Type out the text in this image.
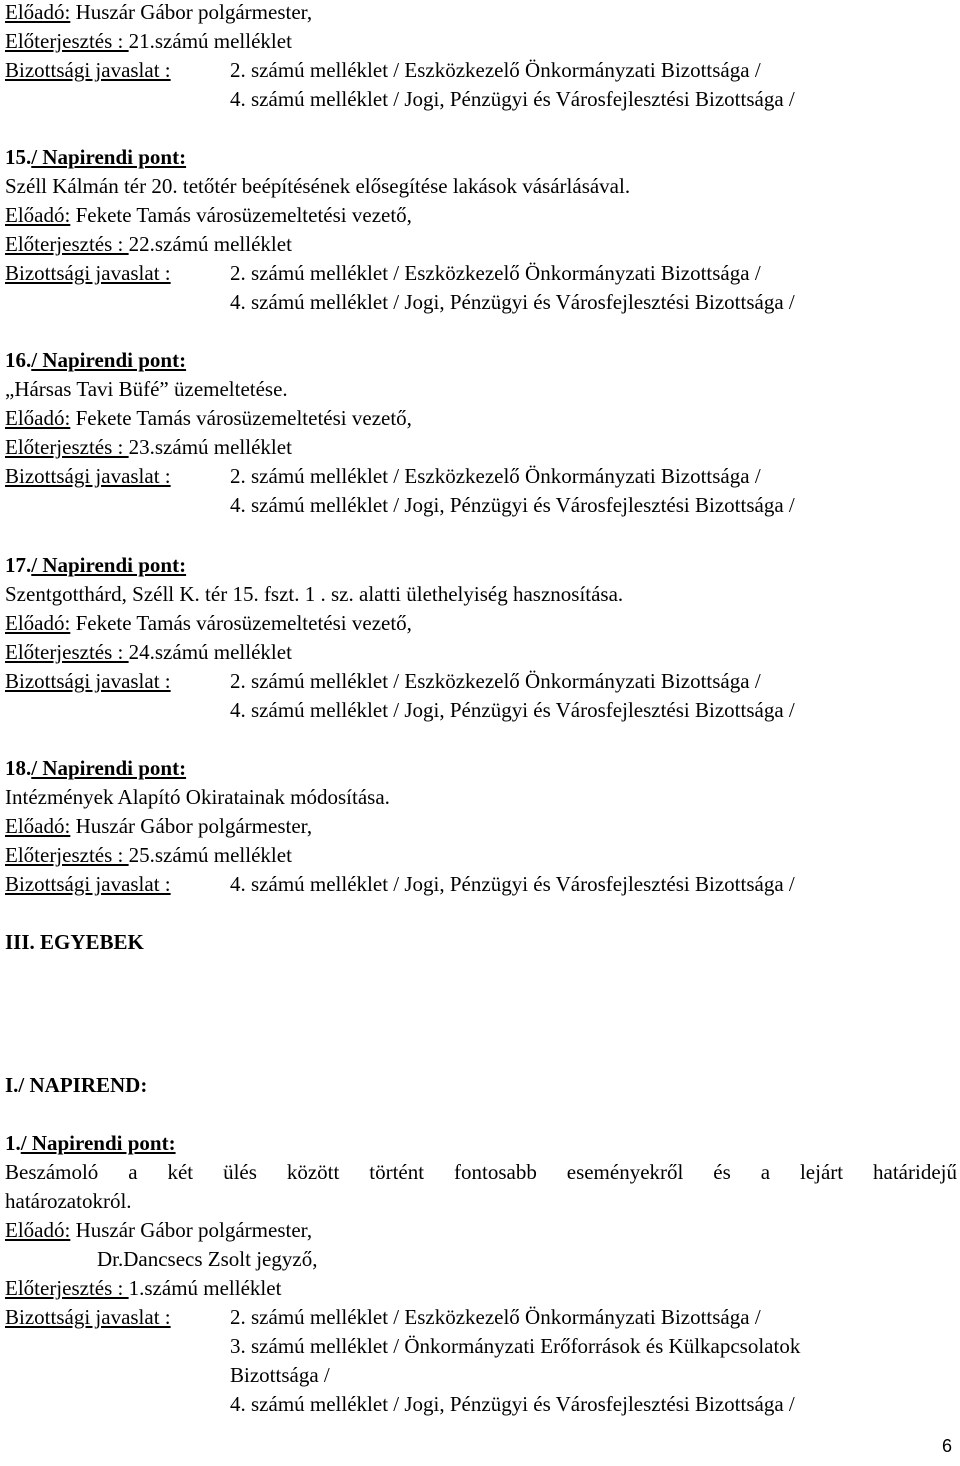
Előadó: Huszár Gábor polgármester,
Előterjesztés : 21.számú melléklet
Bizottsági javaslat :	2. számú melléklet / Eszközkezelő Önkormányzati Bizottsága /
4. számú melléklet / Jogi, Pénzügyi és Városfejlesztési Bizottsága /
15./ Napirendi pont:
Széll Kálmán tér 20. tetőtér beépítésének elősegítése lakások vásárlásával.
Előadó: Fekete Tamás városüzemeltetési vezető,
Előterjesztés : 22.számú melléklet
Bizottsági javaslat :	2. számú melléklet / Eszközkezelő Önkormányzati Bizottsága /
4. számú melléklet / Jogi, Pénzügyi és Városfejlesztési Bizottsága /
16./ Napirendi pont:
„Hársas Tavi Büfé” üzemeltetése.
Előadó: Fekete Tamás városüzemeltetési vezető,
Előterjesztés : 23.számú melléklet
Bizottsági javaslat :	2. számú melléklet / Eszközkezelő Önkormányzati Bizottsága /
4. számú melléklet / Jogi, Pénzügyi és Városfejlesztési Bizottsága /
17./ Napirendi pont:
Szentgotthárd, Széll K. tér 15. fszt. 1 . sz. alatti ülethelyiség hasznosítása.
Előadó: Fekete Tamás városüzemeltetési vezető,
Előterjesztés : 24.számú melléklet
Bizottsági javaslat :	2. számú melléklet / Eszközkezelő Önkormányzati Bizottsága /
4. számú melléklet / Jogi, Pénzügyi és Városfejlesztési Bizottsága /
18./ Napirendi pont:
Intézmények Alapító Okiratainak módosítása.
Előadó: Huszár Gábor polgármester,
Előterjesztés : 25.számú melléklet
Bizottsági javaslat :	4. számú melléklet / Jogi, Pénzügyi és Városfejlesztési Bizottsága /
III. EGYEBEK
I./ NAPIREND:
1./ Napirendi pont:
Beszámoló a két ülés között történt fontosabb eseményekről és a lejárt határidejű
határozatokról.
Előadó: Huszár Gábor polgármester,
Dr.Dancsecs Zsolt jegyző,
Előterjesztés : 1.számú melléklet
Bizottsági javaslat :	2. számú melléklet / Eszközkezelő Önkormányzati Bizottsága /
3. számú melléklet / Önkormányzati Erőforrások és Külkapcsolatok
Bizottsága /
4. számú melléklet / Jogi, Pénzügyi és Városfejlesztési Bizottsága /
6
